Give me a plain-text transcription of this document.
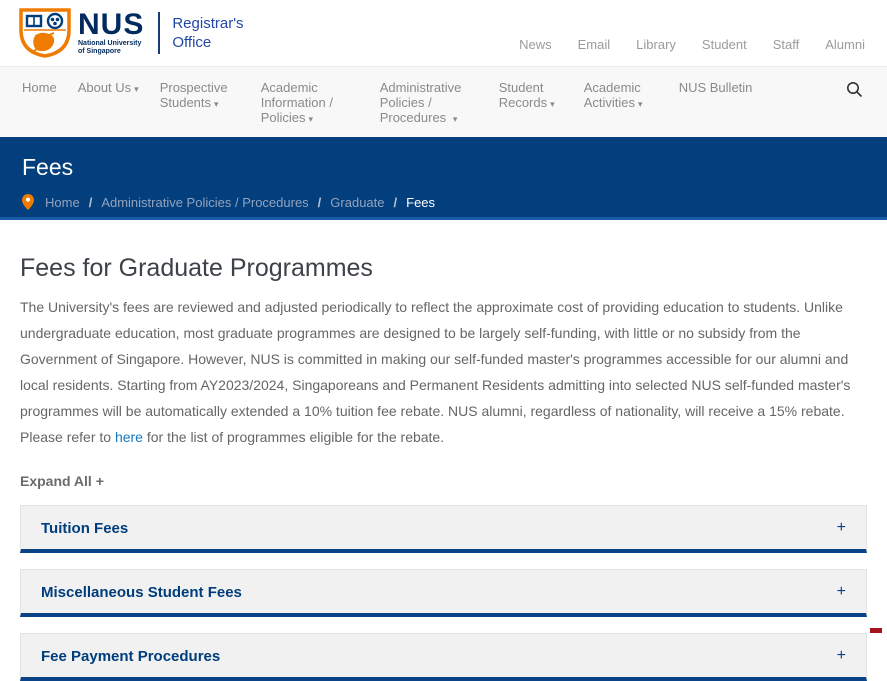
NUS
National University
of Singapore
Registrar's
Office	News Email Library Student Staff Alumni
Home About Us ▾ Prospective Students ▾
Academic Information / Policies ▾
Administrative Policies / Procedures ▾
Student Records ▾
Academic Activities ▾
NUS Bulletin
Fees
Home / Administrative Policies / Procedures / Graduate / Fees
Fees for Graduate Programmes

The University's fees are reviewed and adjusted periodically to reflect the approximate cost of providing education to students. Unlike undergraduate education, most graduate programmes are designed to be largely self-funding, with little or no subsidy from the Government of Singapore. However, NUS is committed in making our self-funded master's programmes accessible for our alumni and local residents. Starting from AY2023/2024, Singaporeans and Permanent Residents admitting into selected NUS self-funded master's programmes will be automatically extended a 10% tuition fee rebate. NUS alumni, regardless of nationality, will receive a 15% rebate. Please refer to here for the list of programmes eligible for the rebate.

Expand All +
Tuition Fees	+
Miscellaneous Student Fees	+
Fee Payment Procedures	+
